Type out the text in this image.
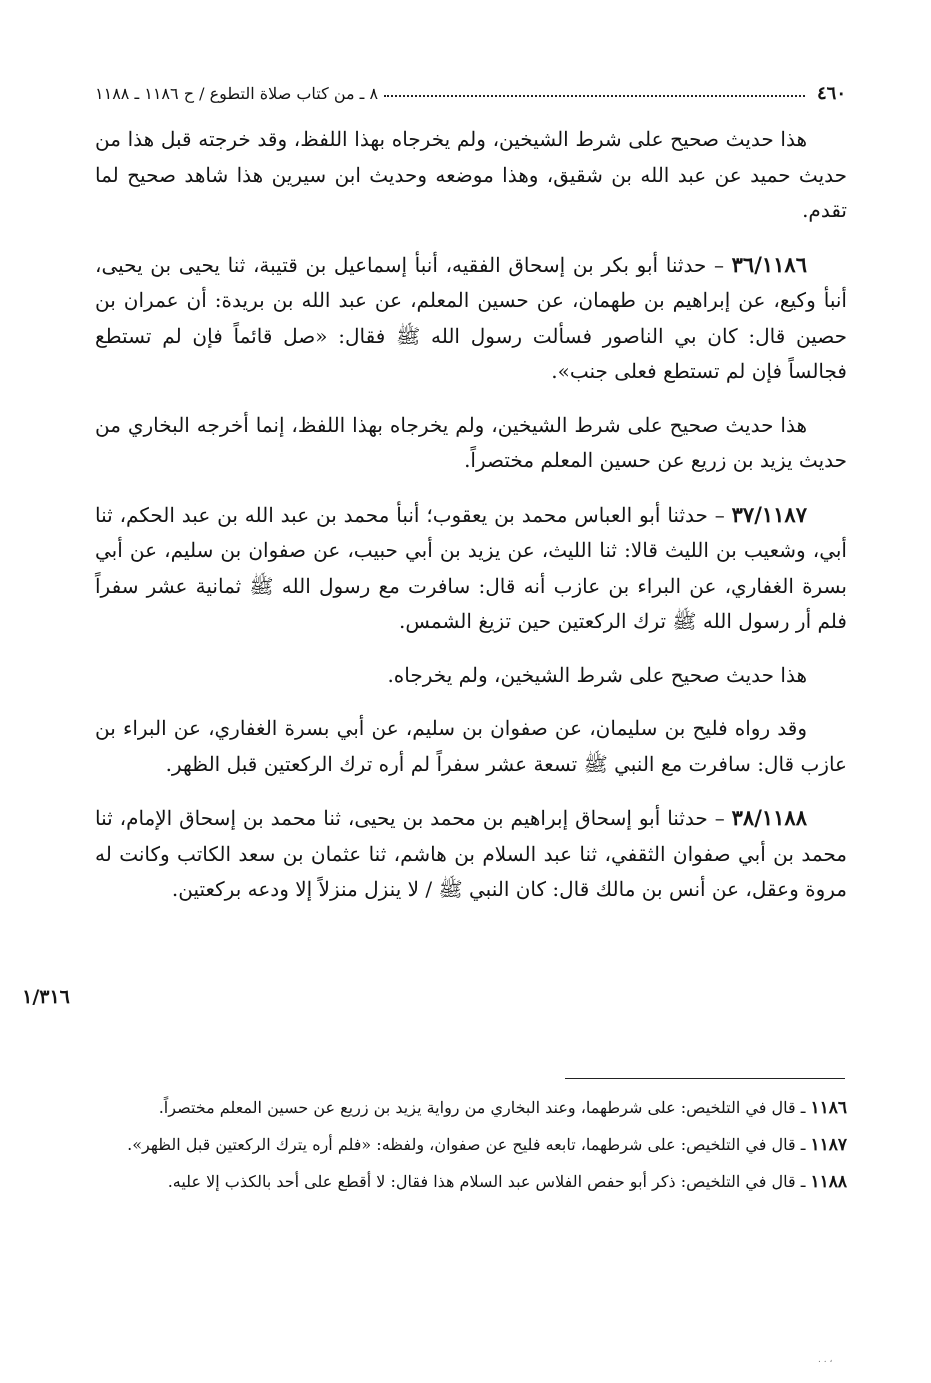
٤٦٠
٨ ـ من كتاب صلاة التطوع / ح ١١٨٦ ـ ١١٨٨

هذا حديث صحيح على شرط الشيخين، ولم يخرجاه بهذا اللفظ، وقد خرجته قبل هذا من حديث حميد عن عبد الله بن شقيق، وهذا موضعه وحديث ابن سيرين هذا شاهد صحيح لما تقدم.

٣٦/١١٨٦ – حدثنا أبو بكر بن إسحاق الفقيه، أنبأ إسماعيل بن قتيبة، ثنا يحيى بن يحيى، أنبأ وكيع، عن إبراهيم بن طهمان، عن حسين المعلم، عن عبد الله بن بريدة: أن عمران بن حصين قال: كان بي الناصور فسألت رسول الله ﷺ فقال: «صل قائماً فإن لم تستطع فجالساً فإن لم تستطع فعلى جنب».

هذا حديث صحيح على شرط الشيخين، ولم يخرجاه بهذا اللفظ، إنما أخرجه البخاري من حديث يزيد بن زريع عن حسين المعلم مختصراً.

٣٧/١١٨٧ – حدثنا أبو العباس محمد بن يعقوب؛ أنبأ محمد بن عبد الله بن عبد الحكم، ثنا أبي، وشعيب بن الليث قالا: ثنا الليث، عن يزيد بن أبي حبيب، عن صفوان بن سليم، عن أبي بسرة الغفاري، عن البراء بن عازب أنه قال: سافرت مع رسول الله ﷺ ثمانية عشر سفراً فلم أر رسول الله ﷺ ترك الركعتين حين تزيغ الشمس.

هذا حديث صحيح على شرط الشيخين، ولم يخرجاه.

وقد رواه فليح بن سليمان، عن صفوان بن سليم، عن أبي بسرة الغفاري، عن البراء بن عازب قال: سافرت مع النبي ﷺ تسعة عشر سفراً لم أره ترك الركعتين قبل الظهر.

٣٨/١١٨٨ – حدثنا أبو إسحاق إبراهيم بن محمد بن يحيى، ثنا محمد بن إسحاق الإمام، ثنا محمد بن أبي صفوان الثقفي، ثنا عبد السلام بن هاشم، ثنا عثمان بن سعد الكاتب وكانت له مروة وعقل، عن أنس بن مالك قال: كان النبي ﷺ / لا ينزل منزلاً إلا ودعه بركعتين.

١/٣١٦

١١٨٦ ـ قال في التلخيص: على شرطهما، وعند البخاري من رواية يزيد بن زريع عن حسين المعلم مختصراً.

١١٨٧ ـ قال في التلخيص: على شرطهما، تابعه فليح عن صفوان، ولفظه: «فلم أره يترك الركعتين قبل الظهر».

١١٨٨ ـ قال في التلخيص: ذكر أبو حفص الفلاس عبد السلام هذا فقال: لا أقطع على أحد بالكذب إلا عليه.

، . .
